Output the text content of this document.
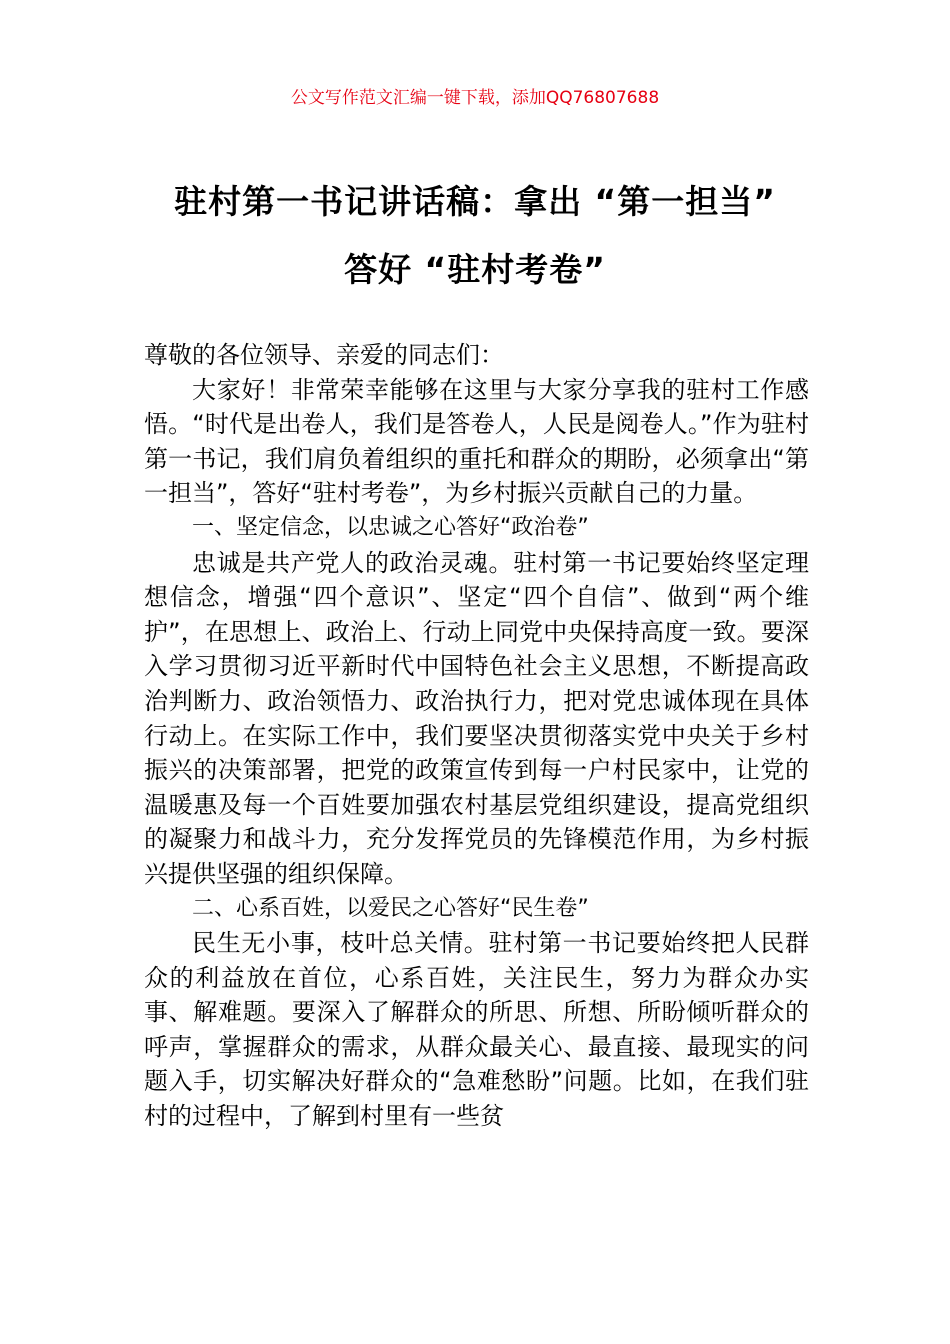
公文写作范文汇编一键下载，添加QQ76807688
驻村第一书记讲话稿：拿出 “第一担当”
答好 “驻村考卷”

尊敬的各位领导、亲爱的同志们：

大家好！非常荣幸能够在这里与大家分享我的驻村工作感悟。“时代是出卷人，我们是答卷人，人民是阅卷人。”作为驻村第一书记，我们肩负着组织的重托和群众的期盼，必须拿出“第一担当”，答好“驻村考卷”，为乡村振兴贡献自己的力量。

一、坚定信念，以忠诚之心答好“政治卷”

忠诚是共产党人的政治灵魂。驻村第一书记要始终坚定理想信念，增强“四个意识”、坚定“四个自信”、做到“两个维护”，在思想上、政治上、行动上同党中央保持高度一致。要深入学习贯彻习近平新时代中国特色社会主义思想，不断提高政治判断力、政治领悟力、政治执行力，把对党忠诚体现在具体行动上。在实际工作中，我们要坚决贯彻落实党中央关于乡村振兴的决策部署，把党的政策宣传到每一户村民家中，让党的温暖惠及每一个百姓要加强农村基层党组织建设，提高党组织的凝聚力和战斗力，充分发挥党员的先锋模范作用，为乡村振兴提供坚强的组织保障。

二、心系百姓，以爱民之心答好“民生卷”

民生无小事，枝叶总关情。驻村第一书记要始终把人民群众的利益放在首位，心系百姓，关注民生，努力为群众办实事、解难题。要深入了解群众的所思、所想、所盼倾听群众的呼声，掌握群众的需求，从群众最关心、最直接、最现实的问题入手，切实解决好群众的“急难愁盼”问题。比如，在我们驻村的过程中，了解到村里有一些贫
